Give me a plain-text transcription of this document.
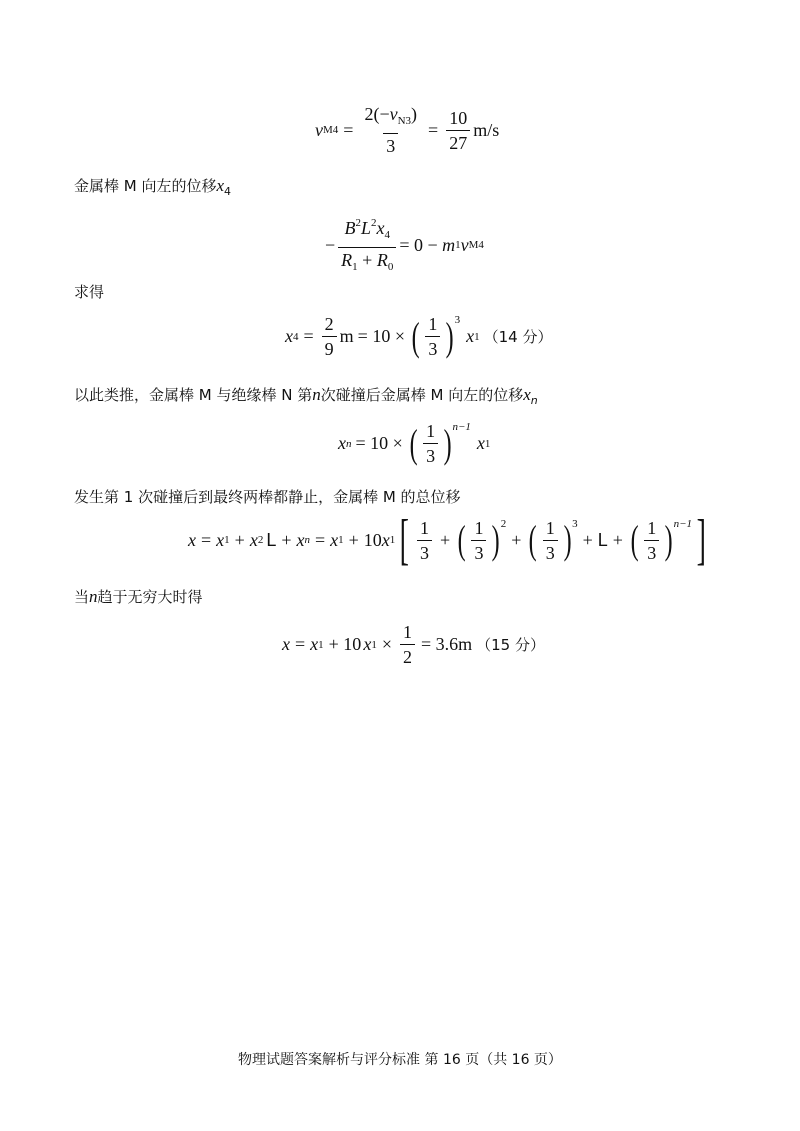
v $M4 = \frac{2(-v_{N3})}{3} = \frac{10}{27} m/s$
金属棒 M 向左的位移$x_4$
− $\frac{B^2L^2x_4}{R_1 + R_0} = 0 - m$ 1 v M4
求得
x $4 = \frac{2}{9}$ m = 10 × ( $\frac{1}{3}$ ) 3
x 1 （14 分）
以此类推，金属棒 M 与绝缘棒 N 第n次碰撞后金属棒 M 向左的位移$x_n$
x n = 10 × ( $\frac{1}{3}$ ) n−1
x 1
发生第 1 次碰撞后到最终两棒都静止，金属棒 M 的总位移
x = x 1 + x 2 L + x n = x 1 + 10 x 1 [ $\frac{1}{3}$ + ( $\frac{1}{3}$ ) 2
+ ( $\frac{1}{3}$ ) 3
+ L + ( $\frac{1}{3}$ ) n−1 ]
当n趋于无穷大时得
x = x 1 + 10 x $1 \times \frac{1}{2} = 3.6m$ （15 分）
物理试题答案解析与评分标准 第 16 页（共 16 页）
